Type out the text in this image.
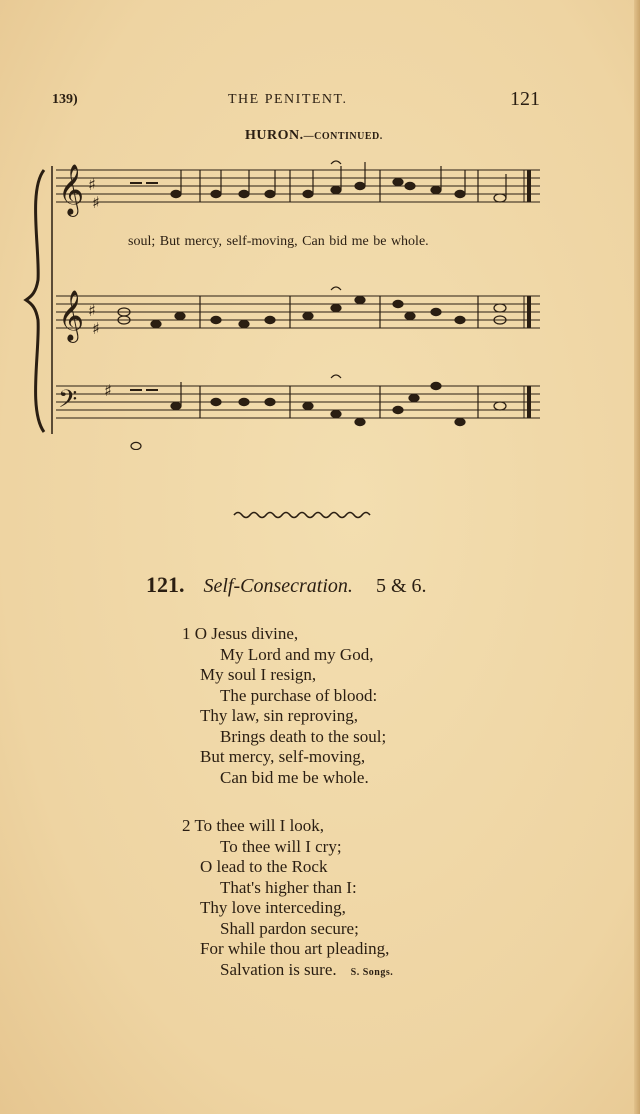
139)	THE PENITENT.	121
HURON.—CONTINUED.
𝄞
𝄞
𝄢
♯
♯
♯
♯
♯
soul; But mercy, self-moving, Can bid me be whole.
121. Self-Consecration. 5 & 6.
1 O Jesus divine,
My Lord and my God,
My soul I resign,
The purchase of blood:
Thy law, sin reproving,
Brings death to the soul;
But mercy, self-moving,
Can bid me be whole.
2 To thee will I look,
To thee will I cry;
O lead to the Rock
That's higher than I:
Thy love interceding,
Shall pardon secure;
For while thou art pleading,
Salvation is sure. S. Songs.
